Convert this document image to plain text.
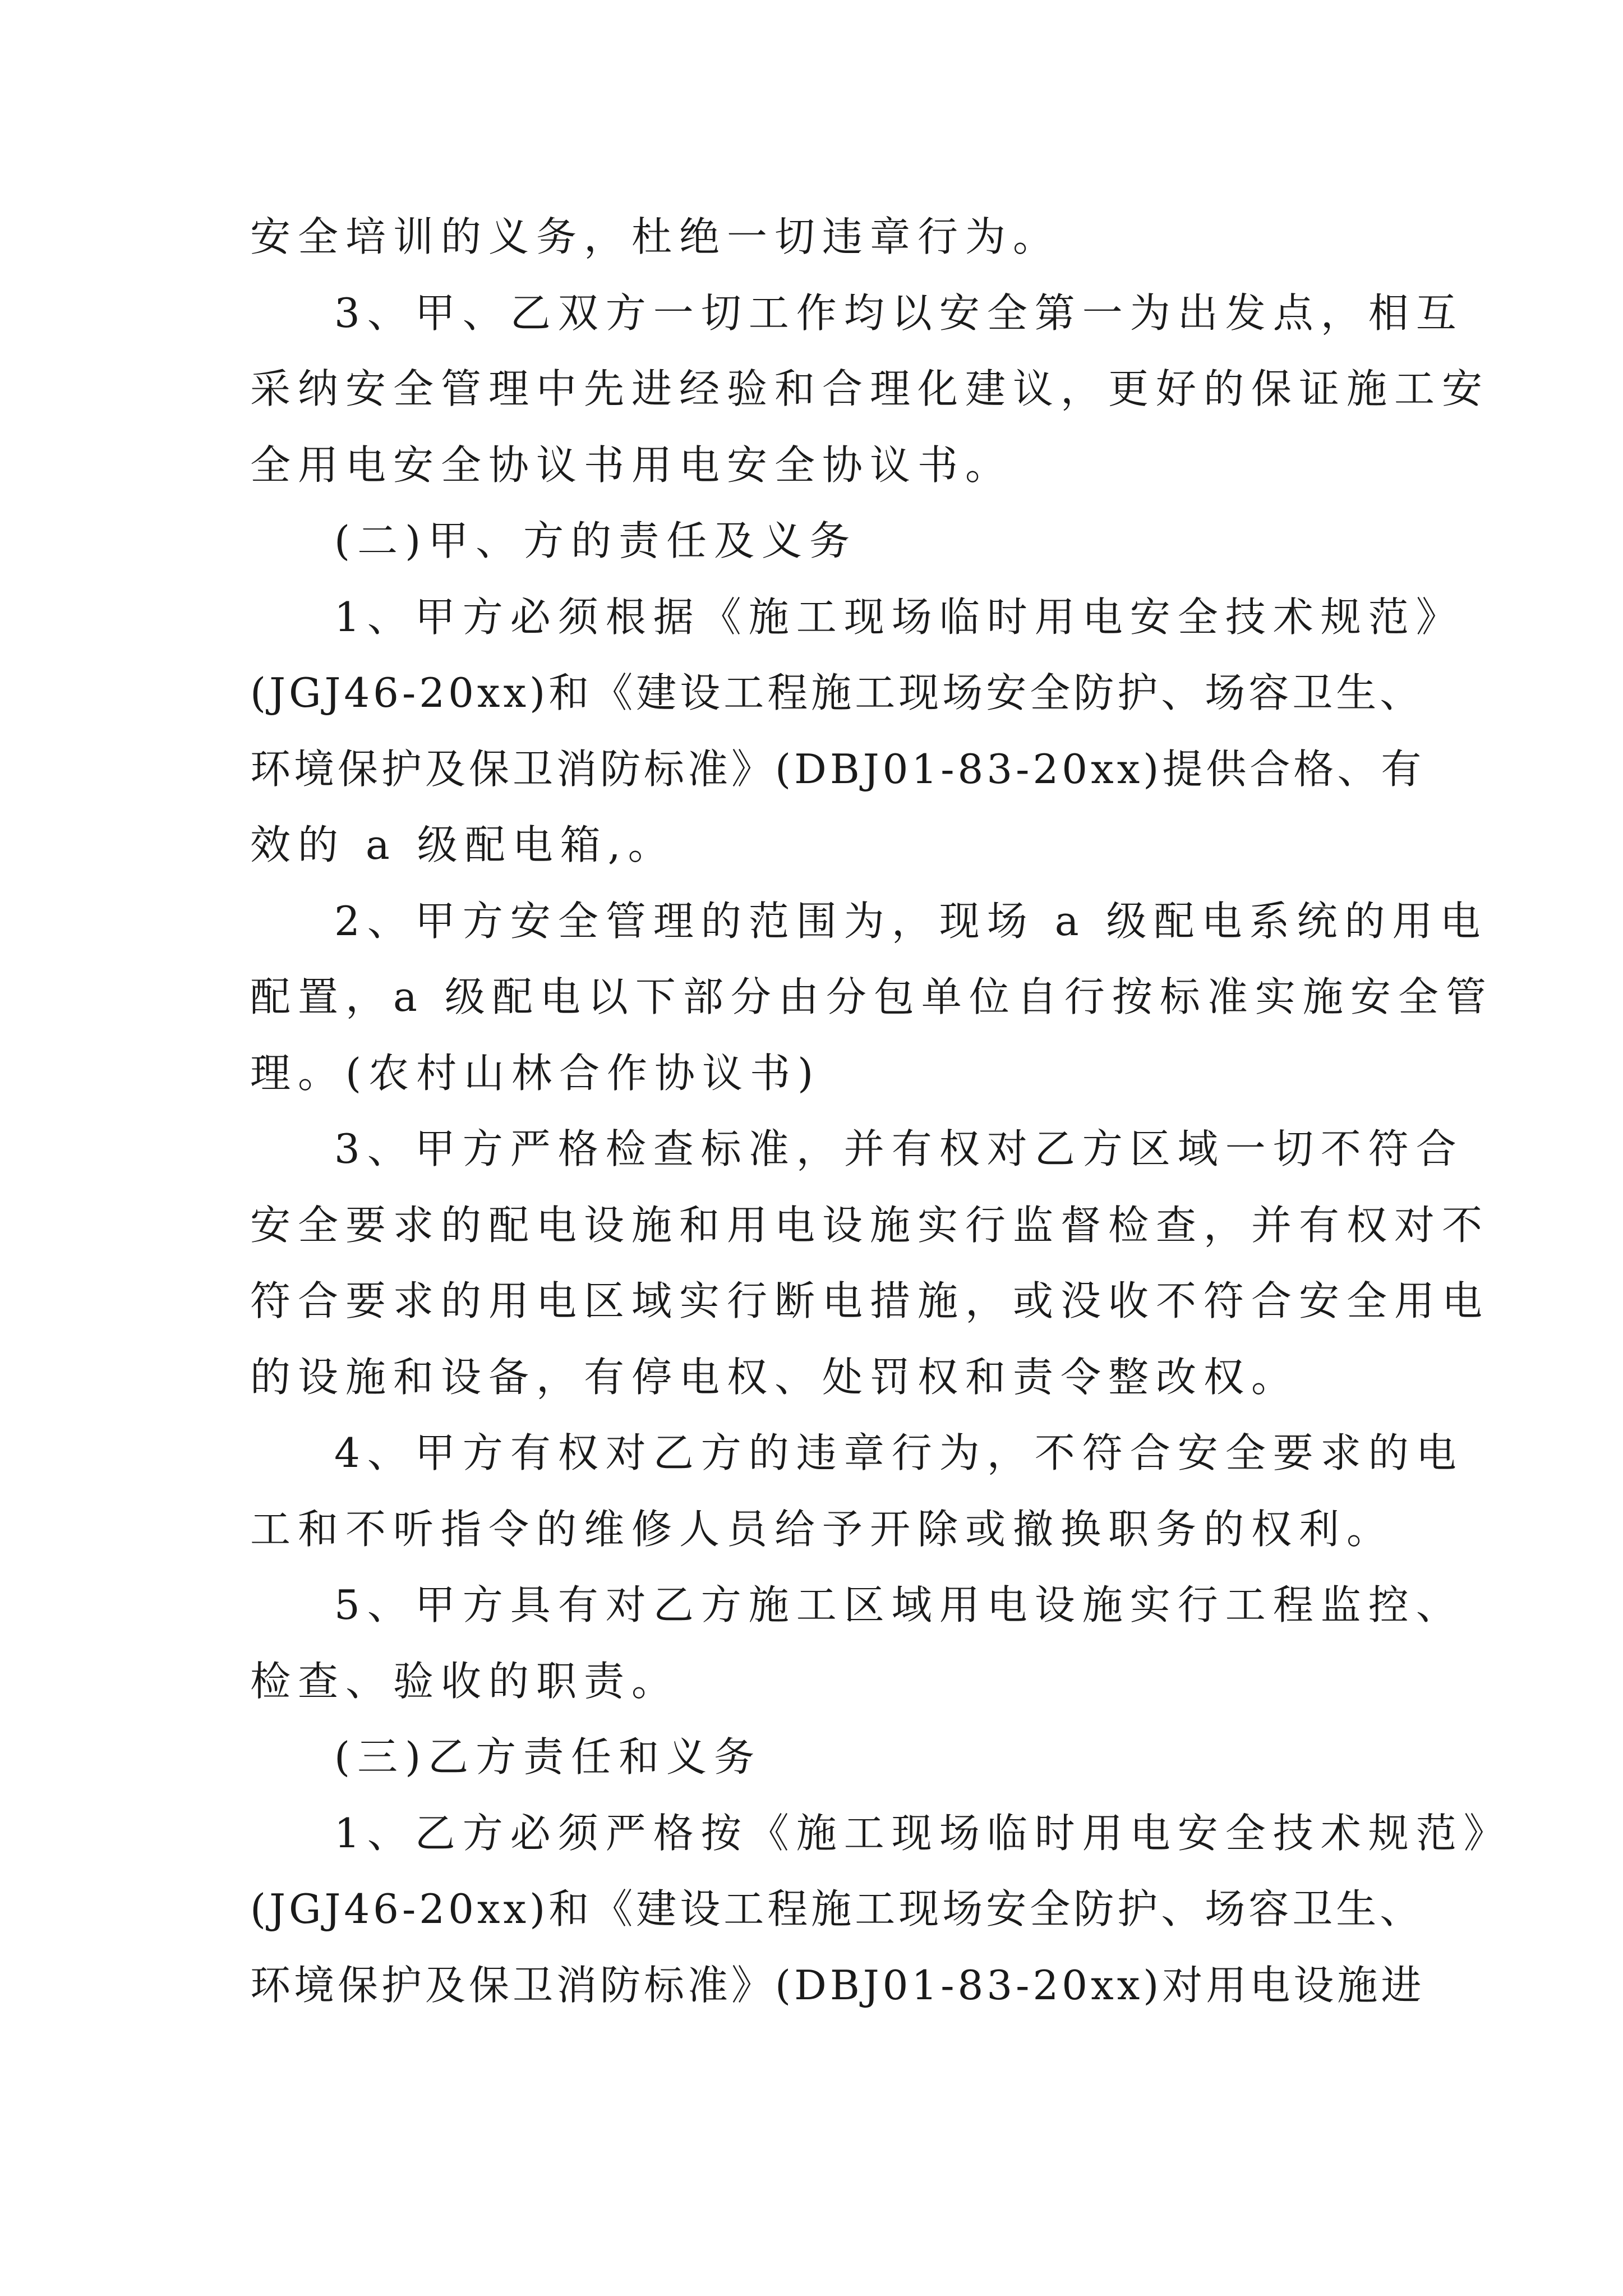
安全培训的义务，杜绝一切违章行为。

3、甲、乙双方一切工作均以安全第一为出发点，相互

采纳安全管理中先进经验和合理化建议，更好的保证施工安

全用电安全协议书用电安全协议书。

(二)甲、方的责任及义务

1、甲方必须根据《施工现场临时用电安全技术规范》

(JGJ46-20xx)和《建设工程施工现场安全防护、场容卫生、

环境保护及保卫消防标准》(DBJ01-83-20xx)提供合格、有

效的 a 级配电箱,。

2、甲方安全管理的范围为，现场 a 级配电系统的用电

配置，a 级配电以下部分由分包单位自行按标准实施安全管

理。(农村山林合作协议书)

3、甲方严格检查标准，并有权对乙方区域一切不符合

安全要求的配电设施和用电设施实行监督检查，并有权对不

符合要求的用电区域实行断电措施，或没收不符合安全用电

的设施和设备，有停电权、处罚权和责令整改权。

4、甲方有权对乙方的违章行为，不符合安全要求的电

工和不听指令的维修人员给予开除或撤换职务的权利。

5、甲方具有对乙方施工区域用电设施实行工程监控、

检查、验收的职责。

(三)乙方责任和义务

1、乙方必须严格按《施工现场临时用电安全技术规范》

(JGJ46-20xx)和《建设工程施工现场安全防护、场容卫生、

环境保护及保卫消防标准》(DBJ01-83-20xx)对用电设施进
